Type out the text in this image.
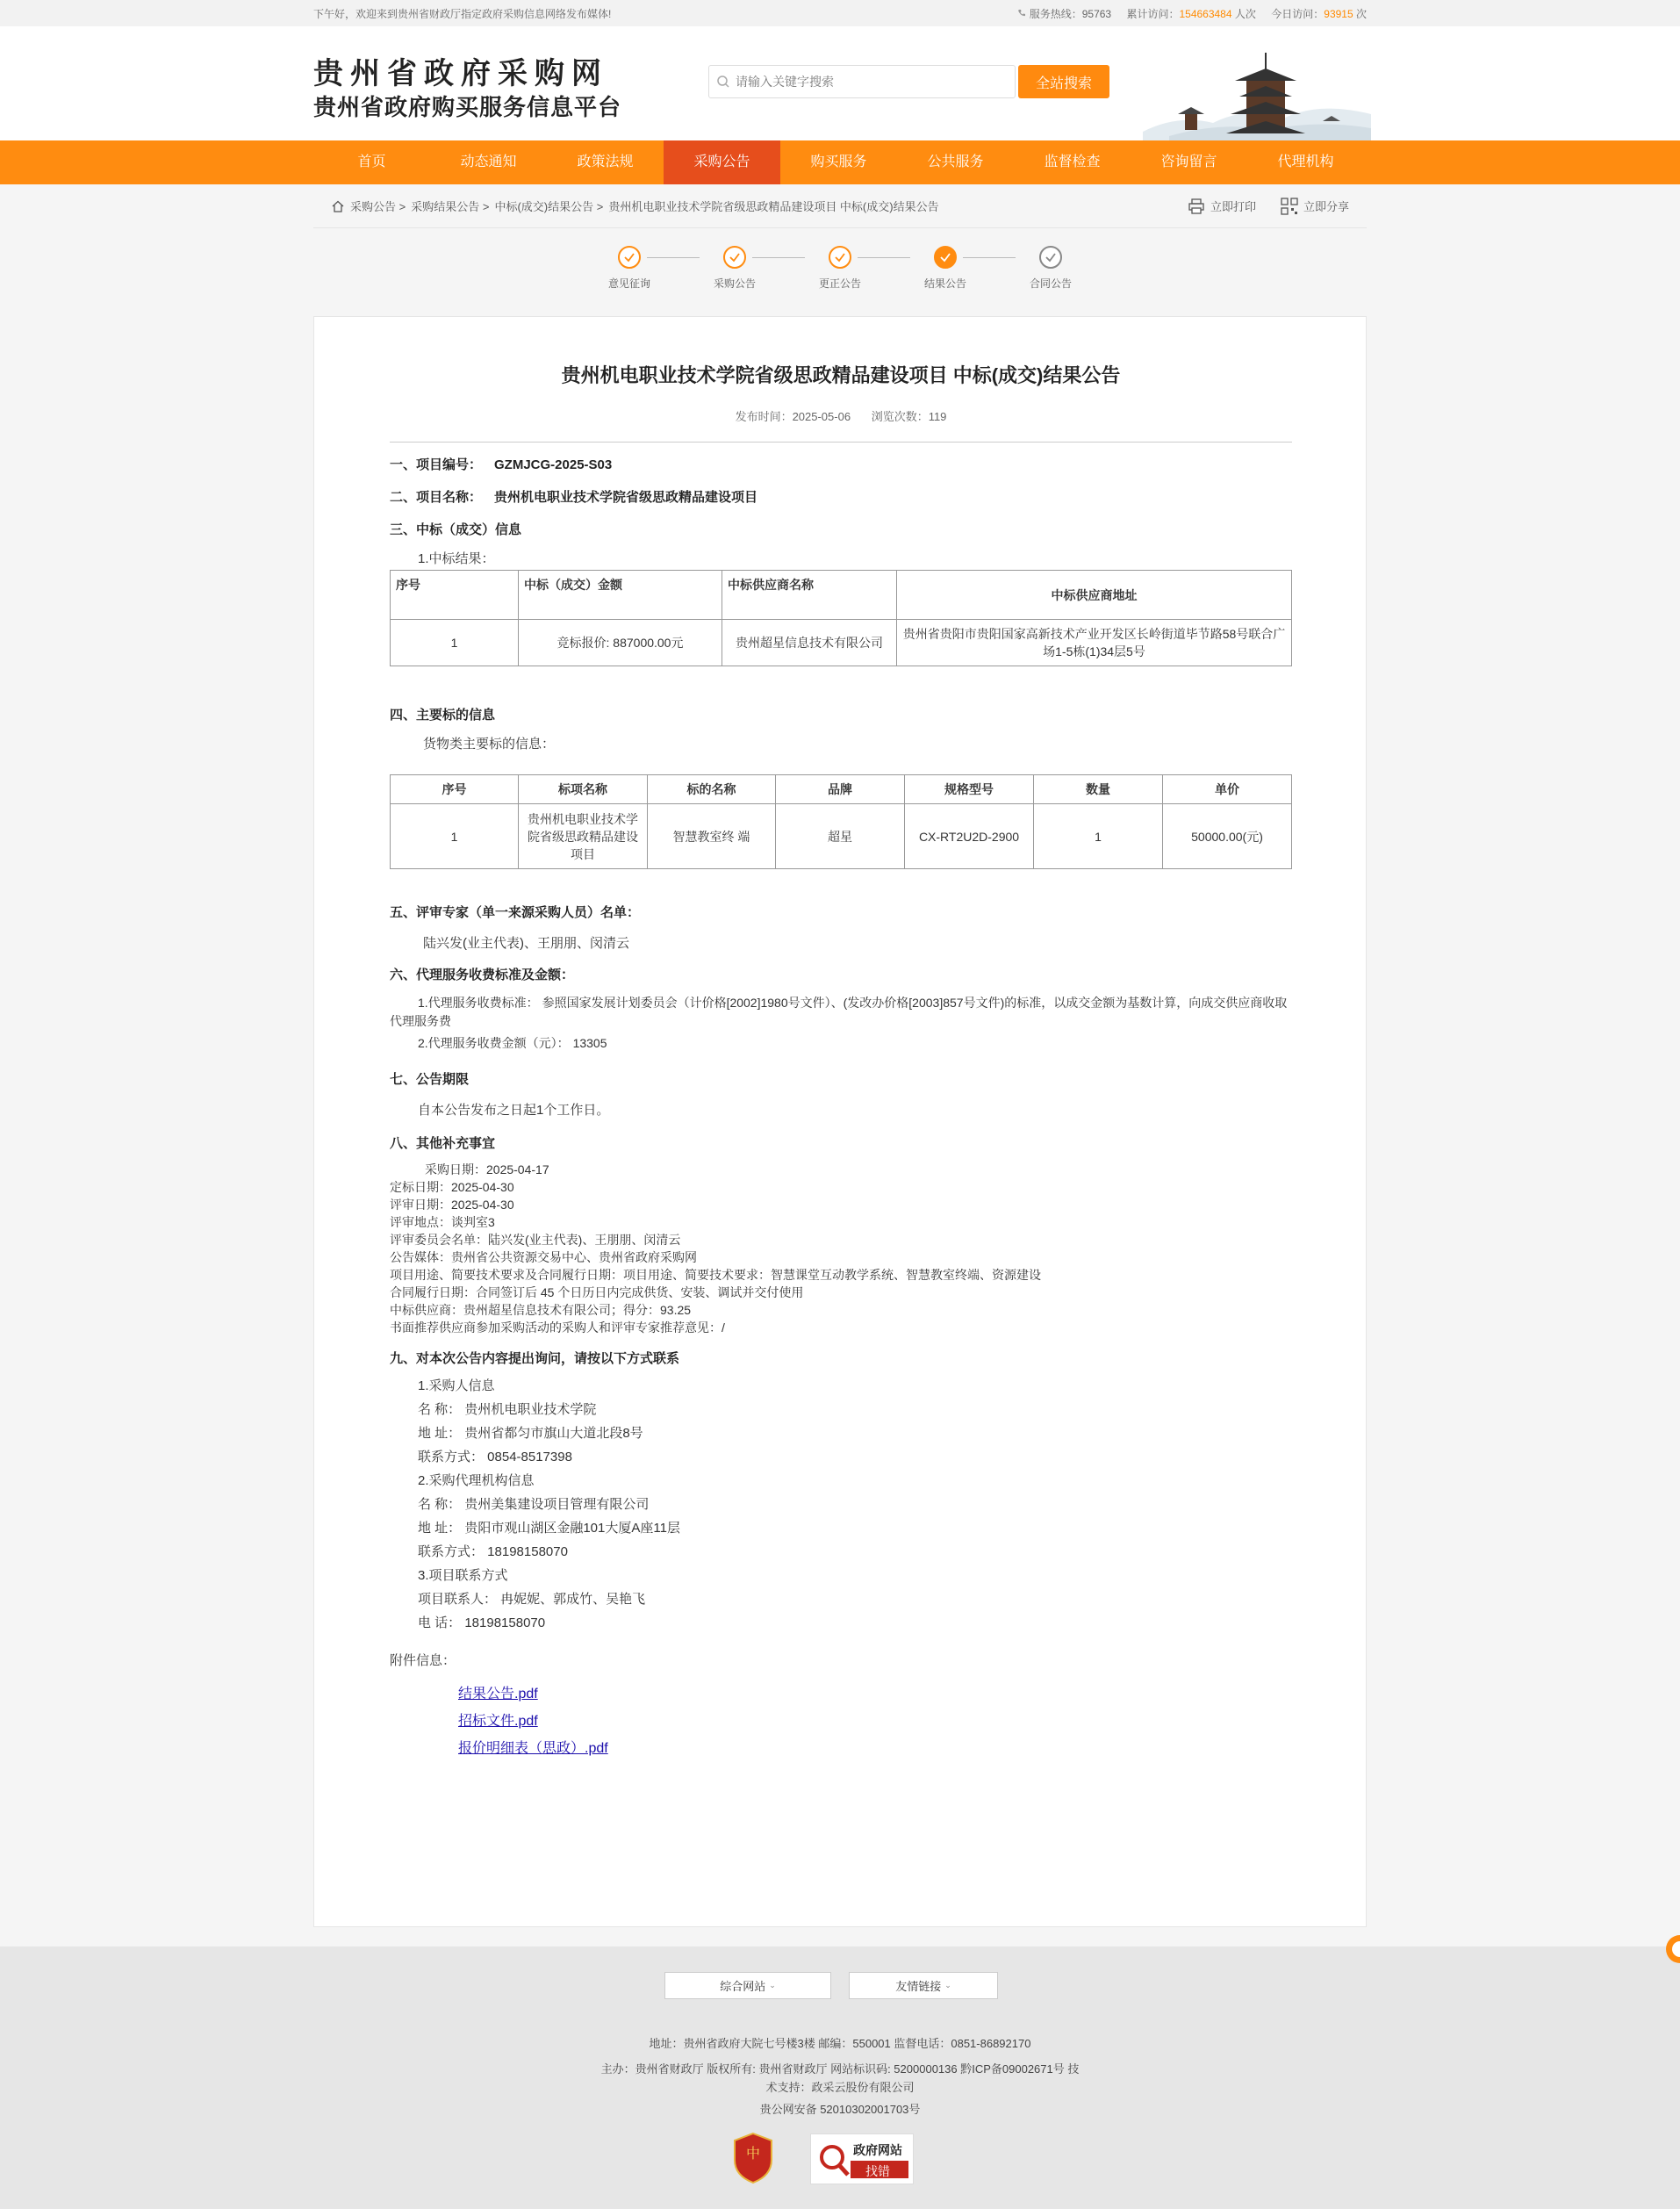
下午好，欢迎来到贵州省财政厅指定政府采购信息网络发布媒体!	服务热线：95763 累计访问：154663484 人次 今日访问：93915 次
贵州省政府采购网
贵州省政府购买服务信息平台
请输入关键字搜索
全站搜索
首页	动态通知	政策法规	采购公告	购买服务	公共服务	监督检查	咨询留言	代理机构
采购公告 > 采购结果公告 > 中标(成交)结果公告 > 贵州机电职业技术学院省级思政精品建设项目 中标(成交)结果公告	立即打印	立即分享
意见征询	采购公告	更正公告	结果公告	合同公告
贵州机电职业技术学院省级思政精品建设项目 中标(成交)结果公告
发布时间：2025-05-06 浏览次数：119
一、项目编号： GZMJCG-2025-S03
二、项目名称： 贵州机电职业技术学院省级思政精品建设项目
三、中标（成交）信息
1.中标结果：
序号	中标（成交）金额	中标供应商名称	中标供应商地址
1	竞标报价: 887000.00元	贵州超星信息技术有限公司	贵州省贵阳市贵阳国家高新技术产业开发区长岭街道毕节路58号联合广场1-5栋(1)34层5号
四、主要标的信息
货物类主要标的信息：
序号	标项名称	标的名称	品牌	规格型号	数量	单价
1	贵州机电职业技术学院省级思政精品建设项目	智慧教室终 端	超星	CX-RT2U2D-2900	1	50000.00(元)
五、评审专家（单一来源采购人员）名单：
陆兴发(业主代表)、王朋朋、闵清云
六、代理服务收费标准及金额：
1.代理服务收费标准： 参照国家发展计划委员会（计价格[2002]1980号文件）、(发改办价格[2003]857号文件)的标准，以成交金额为基数计算，向成交供应商收取代理服务费
2.代理服务收费金额（元）： 13305
七、公告期限
自本公告发布之日起1个工作日。
八、其他补充事宜
采购日期：2025-04-17
定标日期：2025-04-30
评审日期：2025-04-30
评审地点：谈判室3
评审委员会名单：陆兴发(业主代表)、王朋朋、闵清云
公告媒体：贵州省公共资源交易中心、贵州省政府采购网
项目用途、简要技术要求及合同履行日期：项目用途、简要技术要求：智慧课堂互动教学系统、智慧教室终端、资源建设
合同履行日期：合同签订后 45 个日历日内完成供货、安装、调试并交付使用
中标供应商：贵州超星信息技术有限公司；得分：93.25
书面推荐供应商参加采购活动的采购人和评审专家推荐意见：/
九、对本次公告内容提出询问，请按以下方式联系
1.采购人信息
名 称： 贵州机电职业技术学院
地 址： 贵州省都匀市旗山大道北段8号
联系方式： 0854-8517398
2.采购代理机构信息
名 称： 贵州美集建设项目管理有限公司
地 址： 贵阳市观山湖区金融101大厦A座11层
联系方式： 18198158070
3.项目联系方式
项目联系人： 冉妮妮、郭成竹、吴艳飞
电 话： 18198158070
附件信息：
结果公告.pdf
招标文件.pdf
报价明细表（思政）.pdf
综合网站 ⌄	友情链接 ⌄
地址：贵州省政府大院七号楼3楼 邮编：550001 监督电话：0851-86892170
主办：贵州省财政厅 版权所有: 贵州省财政厅 网站标识码: 5200000136 黔ICP备09002671号 技
术支持：政采云股份有限公司
贵公网安备 52010302001703号
中	政府网站
找错
